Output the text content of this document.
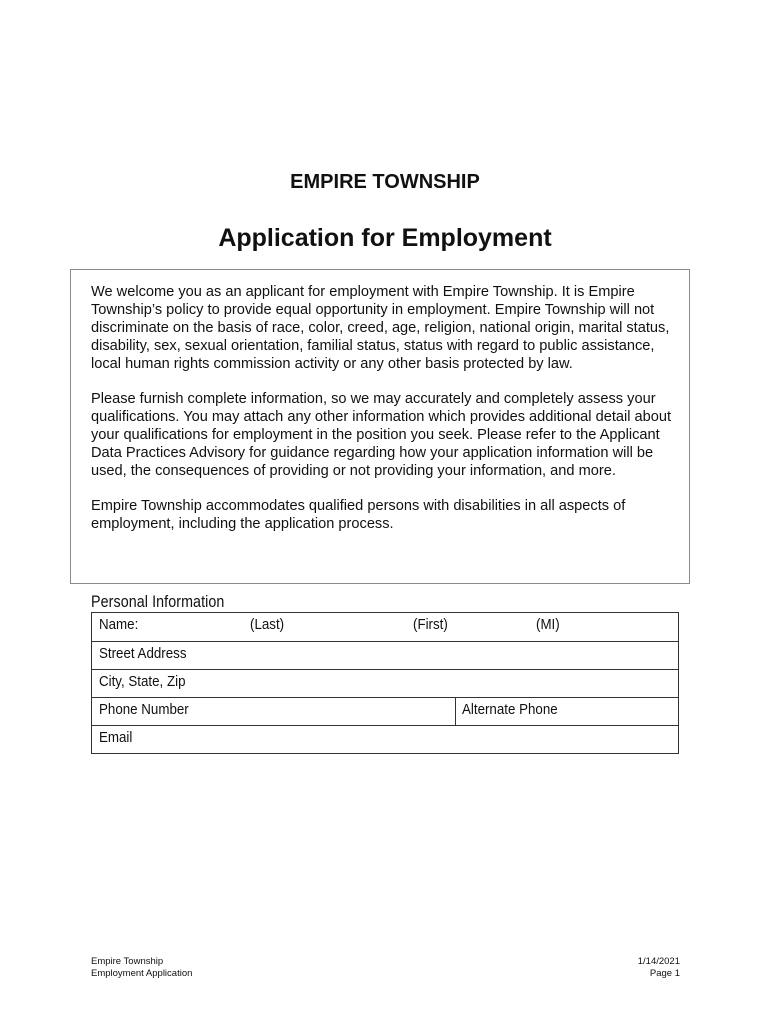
EMPIRE TOWNSHIP
Application for Employment

We welcome you as an applicant for employment with Empire Township. It is Empire Township’s policy to provide equal opportunity in employment. Empire Township will not discriminate on the basis of race, color, creed, age, religion, national origin, marital status, disability, sex, sexual orientation, familial status, status with regard to public assistance, local human rights commission activity or any other basis protected by law.

Please furnish complete information, so we may accurately and completely assess your qualifications. You may attach any other information which provides additional detail about your qualifications for employment in the position you seek. Please refer to the Applicant Data Practices Advisory for guidance regarding how your application information will be used, the consequences of providing or not providing your information, and more.

Empire Township accommodates qualified persons with disabilities in all aspects of employment, including the application process.

Personal Information
Name:	(Last)	(First)	(MI)
Street Address
City, State, Zip
Phone Number	Alternate Phone
Email
Empire Township
Employment Application
1/14/2021
Page 1
